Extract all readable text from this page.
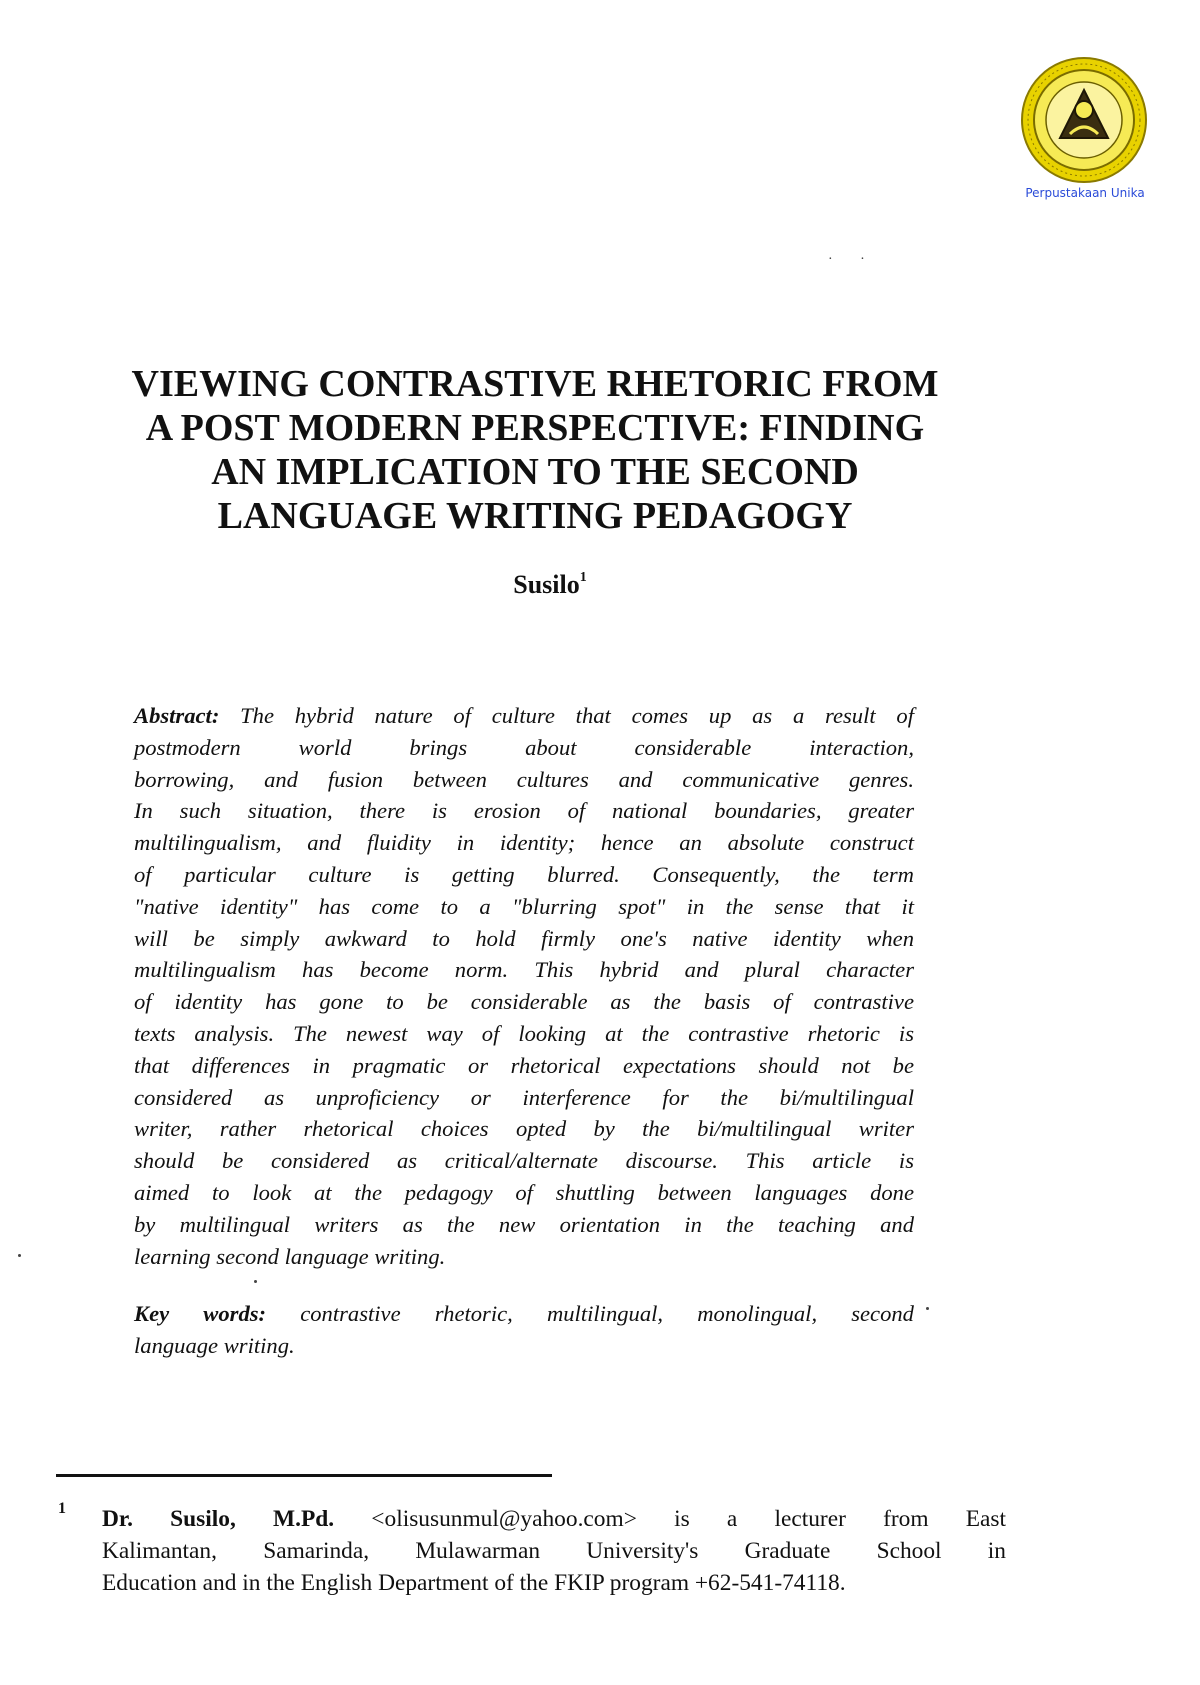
Perpustakaan Unika
· ·
VIEWING CONTRASTIVE RHETORIC FROM
A POST MODERN PERSPECTIVE: FINDING
AN IMPLICATION TO THE SECOND
LANGUAGE WRITING PEDAGOGY
Susilo$^1$
Abstract: The hybrid nature of culture that comes up as a result of
postmodern world brings about considerable interaction,
borrowing, and fusion between cultures and communicative genres.
In such situation, there is erosion of national boundaries, greater
multilingualism, and fluidity in identity; hence an absolute construct
of particular culture is getting blurred. Consequently, the term
"native identity" has come to a "blurring spot" in the sense that it
will be simply awkward to hold firmly one's native identity when
multilingualism has become norm. This hybrid and plural character
of identity has gone to be considerable as the basis of contrastive
texts analysis. The newest way of looking at the contrastive rhetoric is
that differences in pragmatic or rhetorical expectations should not be
considered as unproficiency or interference for the bi/multilingual
writer, rather rhetorical choices opted by the bi/multilingual writer
should be considered as critical/alternate discourse. This article is
aimed to look at the pedagogy of shuttling between languages done
by multilingual writers as the new orientation in the teaching and
learning second language writing.
Key words: contrastive rhetoric, multilingual, monolingual, second
language writing.
1 Dr. Susilo, M.Pd. <olisusunmul@yahoo.com> is a lecturer from East
Kalimantan, Samarinda, Mulawarman University's Graduate School in
Education and in the English Department of the FKIP program +62-541-74118.
